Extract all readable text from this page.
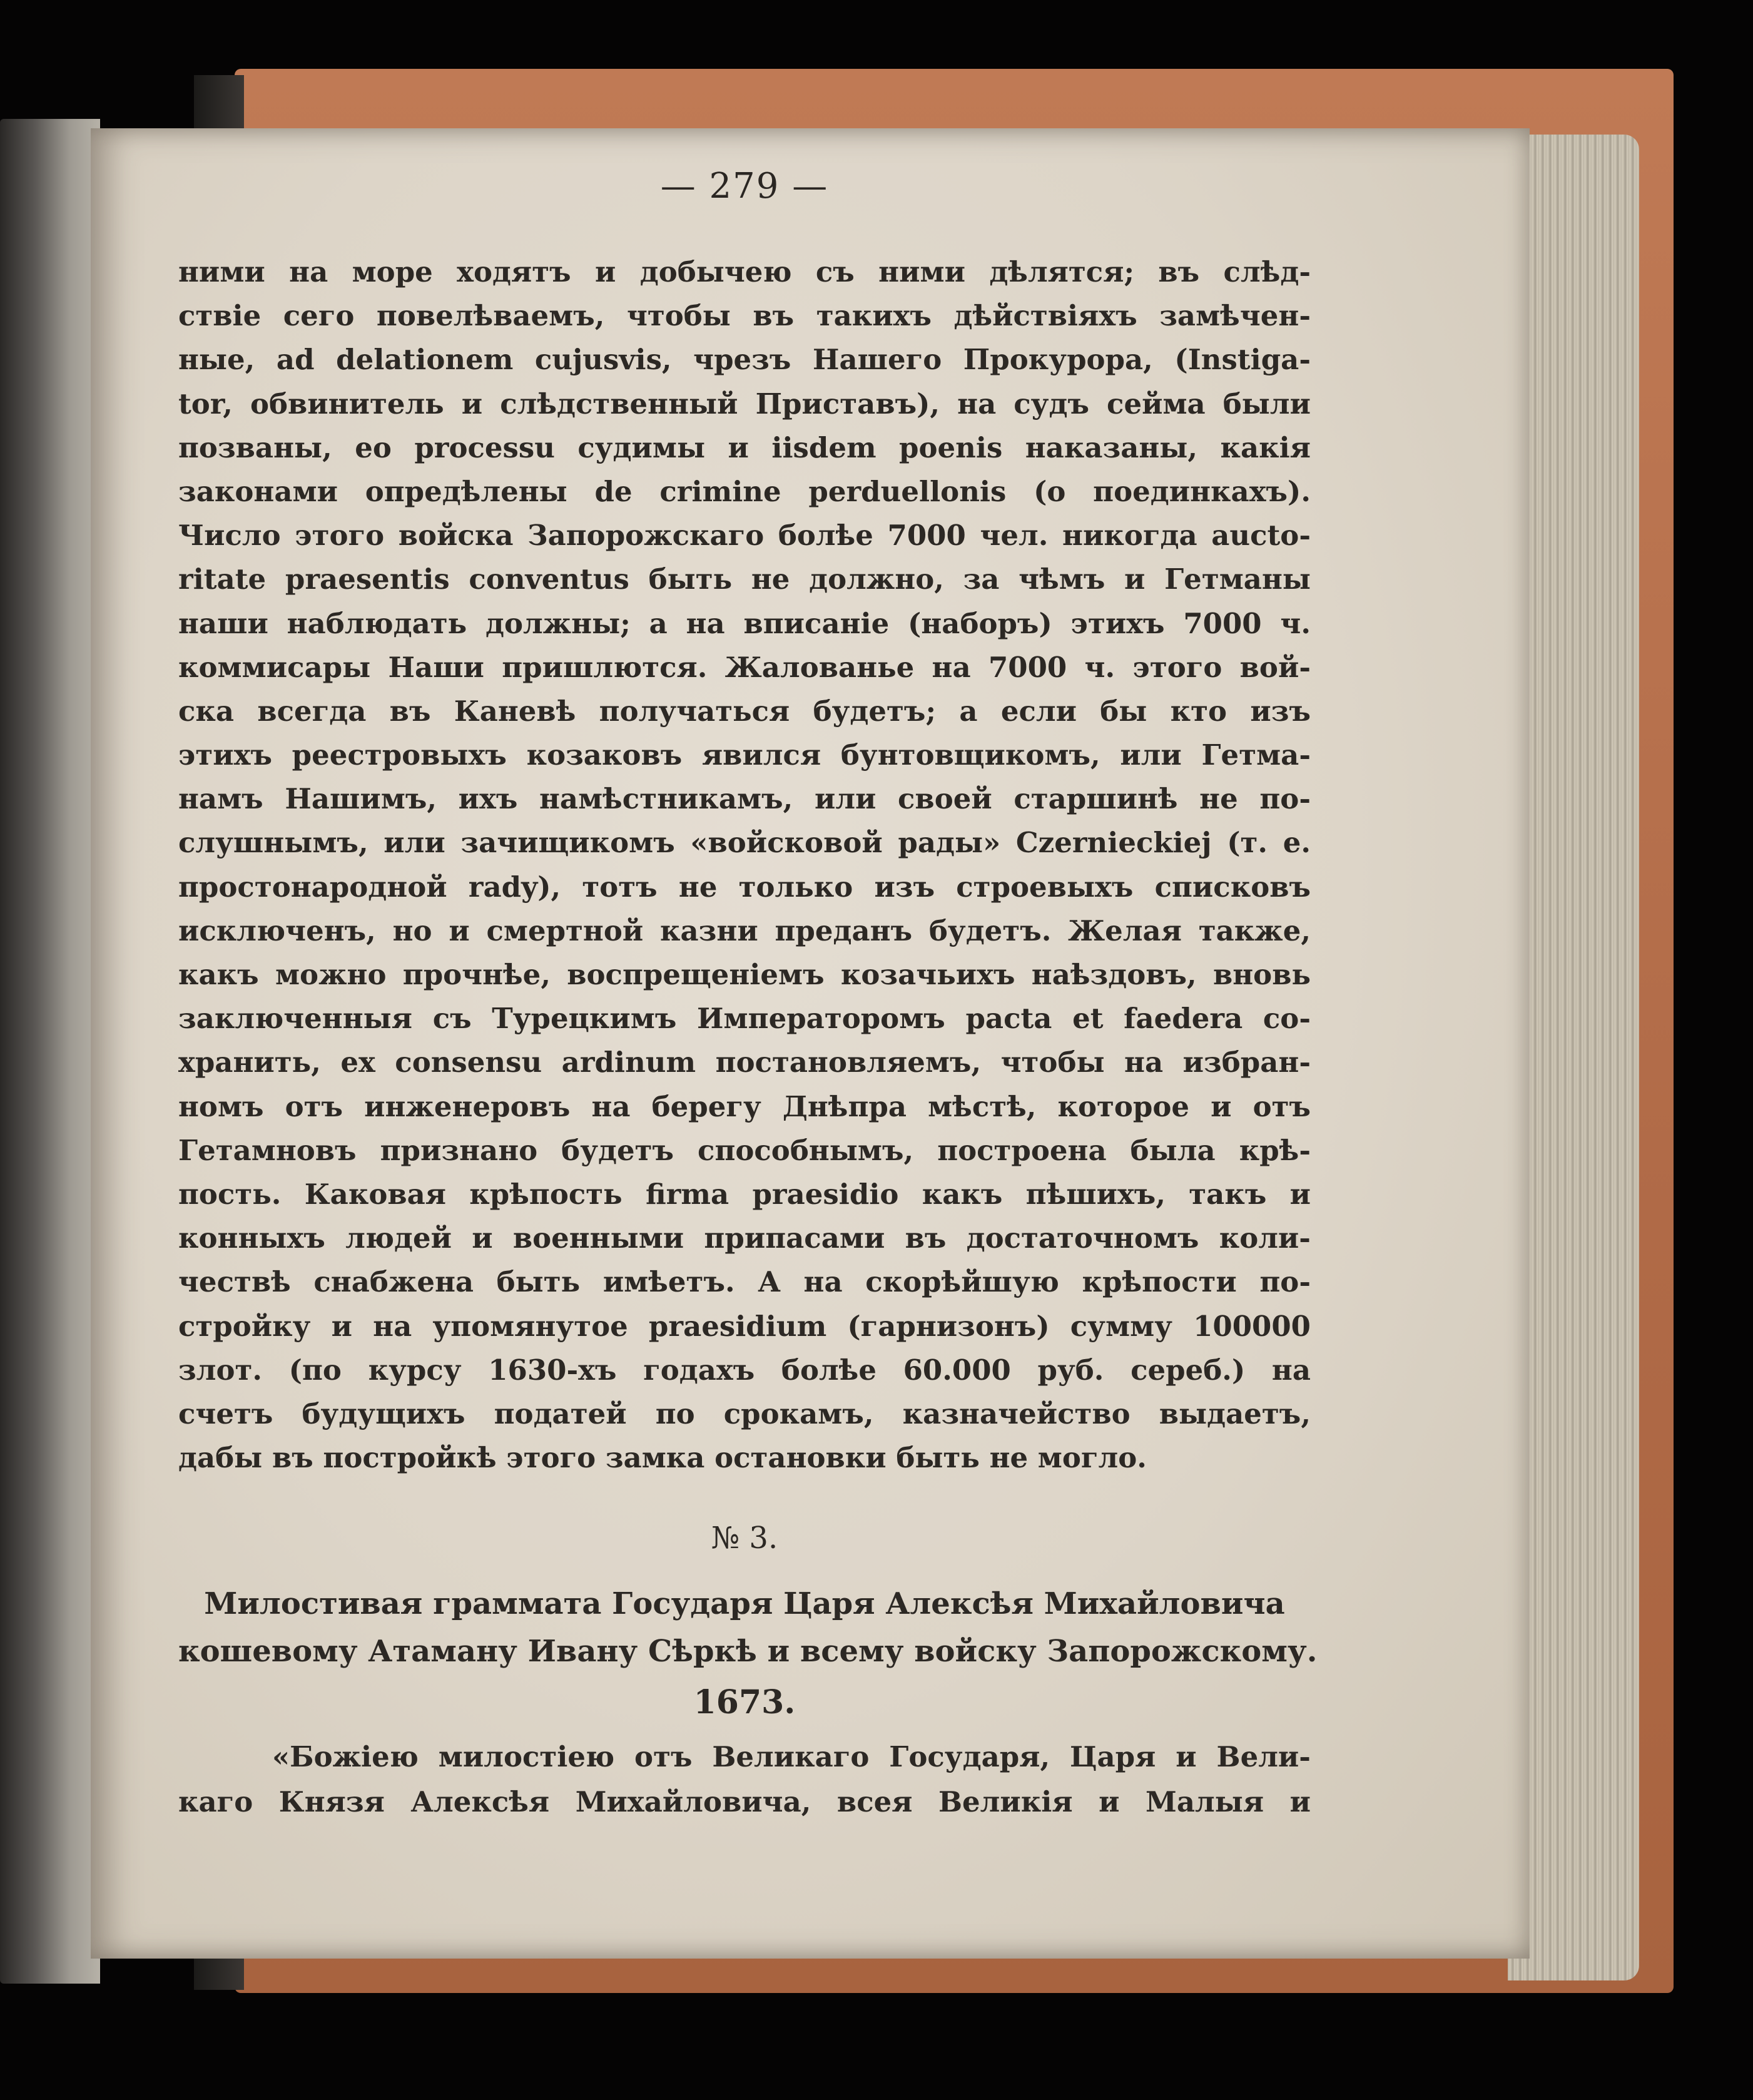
— 279 —
ними на море ходятъ и добычею съ ними дѣлятся; въ слѣд-
ствіе сего повелѣваемъ, чтобы въ такихъ дѣйствіяхъ замѣчен-
ные, ad delationem cujusvis, чрезъ Нашего Прокурора, (Instiga-
tor, обвинитель и слѣдственный Приставъ), на судъ сейма были
позваны, eo processu судимы и iisdem poenis наказаны, какія
законами опредѣлены de crimine perduellonis (о поединкахъ).
Число этого войска Запорожскаго болѣе 7000 чел. никогда aucto-
ritate praesentis conventus быть не должно, за чѣмъ и Гетманы
наши наблюдать должны; а на вписаніе (наборъ) этихъ 7000 ч.
коммисары Наши пришлются. Жалованье на 7000 ч. этого вой-
ска всегда въ Каневѣ получаться будетъ; а если бы кто изъ
этихъ реестровыхъ козаковъ явился бунтовщикомъ, или Гетма-
намъ Нашимъ, ихъ намѣстникамъ, или своей старшинѣ не по-
слушнымъ, или зачищикомъ «войсковой рады» Czernieckiej (т. е.
простонародной rady), тотъ не только изъ строевыхъ списковъ
исключенъ, но и смертной казни преданъ будетъ. Желая также,
какъ можно прочнѣе, воспрещеніемъ козачьихъ наѣздовъ, вновь
заключенныя съ Турецкимъ Императоромъ pacta et faedera со-
хранить, ex consensu ardinum постановляемъ, чтобы на избран-
номъ отъ инженеровъ на берегу Днѣпра мѣстѣ, которое и отъ
Гетамновъ признано будетъ способнымъ, построена была крѣ-
пость. Каковая крѣпость firma praesidio какъ пѣшихъ, такъ и
конныхъ людей и военными припасами въ достаточномъ коли-
чествѣ снабжена быть имѣетъ. А на скорѣйшую крѣпости по-
стройку и на упомянутое praesidium (гарнизонъ) сумму 100000
злот. (по курсу 1630-хъ годахъ болѣе 60.000 руб. сереб.) на
счетъ будущихъ податей по срокамъ, казначейство выдаетъ,
дабы въ постройкѣ этого замка остановки быть не могло.
№ 3.
Милостивая граммата Государя Царя Алексѣя Михайловича
кошевому Атаману Ивану Сѣркѣ и всему войску Запорожскому.
1673.
«Божіею милостіею отъ Великаго Государя, Царя и Вели-
каго Князя Алексѣя Михайловича, всея Великія и Малыя и
